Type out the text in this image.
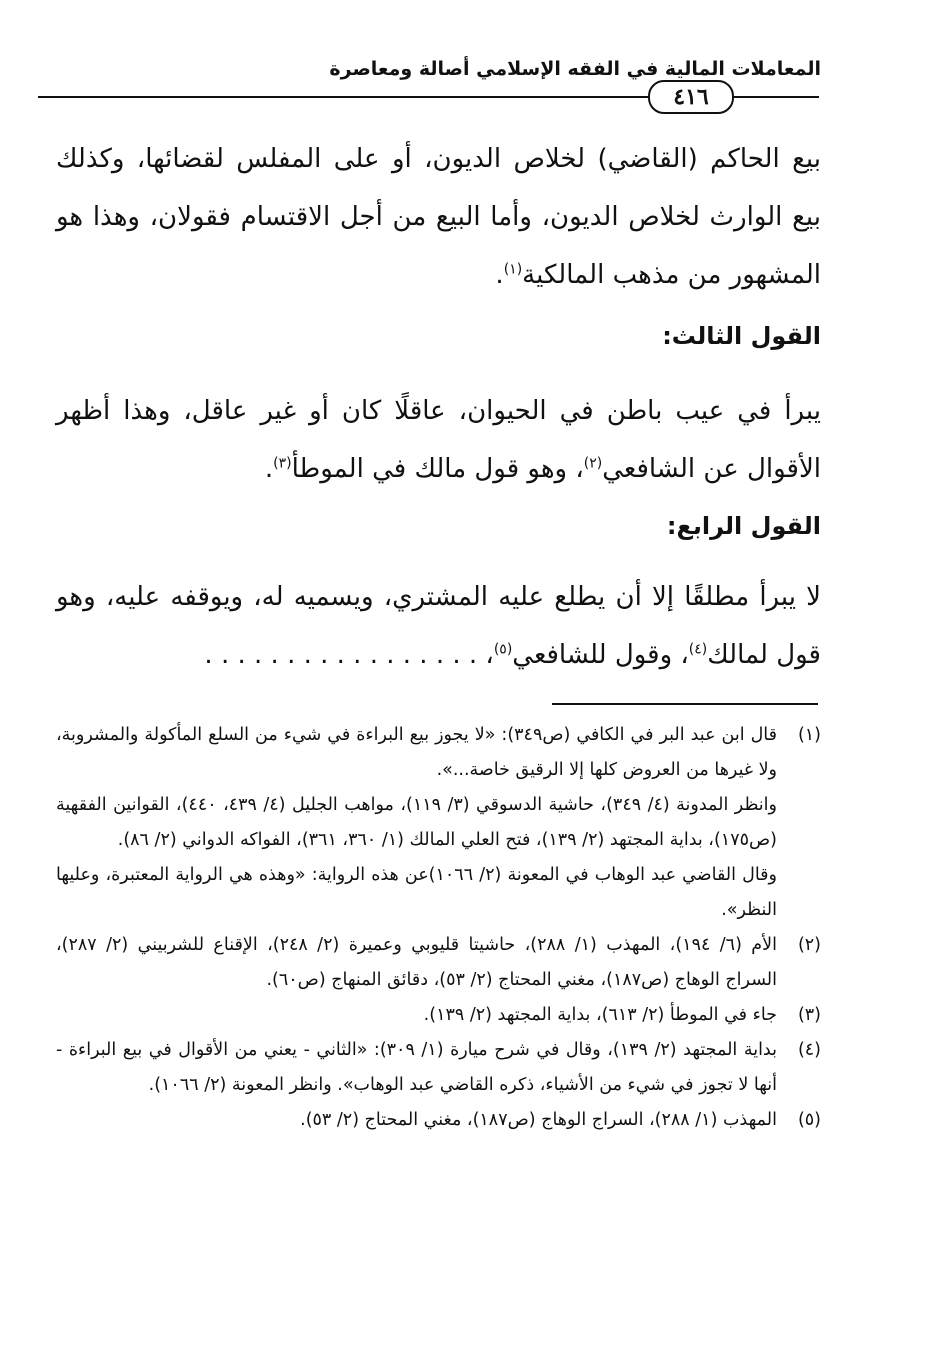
المعاملات المالية في الفقه الإسلامي أصالة ومعاصرة
٤١٦
بيع الحاكم (القاضي) لخلاص الديون، أو على المفلس لقضائها، وكذلك بيع الوارث لخلاص الديون، وأما البيع من أجل الاقتسام فقولان، وهذا هو المشهور من مذهب المالكية$^{(١)}$.
القول الثالث:
يبرأ في عيب باطن في الحيوان، عاقلًا كان أو غير عاقل، وهذا أظهر الأقوال عن الشافعي$^{(٢)}$، وهو قول مالك في الموطأ$^{(٣)}$.
القول الرابع:
لا يبرأ مطلقًا إلا أن يطلع عليه المشتري، ويسميه له، ويوقفه عليه، وهو قول لمالك$^{(٤)}$، وقول للشافعي$^{(٥)}$، . . . . . . . . . . . . . . . . .
(١)
قال ابن عبد البر في الكافي (ص٣٤٩): «لا يجوز بيع البراءة في شيء من السلع المأكولة والمشروبة، ولا غيرها من العروض كلها إلا الرقيق خاصة...».
وانظر المدونة (٤/ ٣٤٩)، حاشية الدسوقي (٣/ ١١٩)، مواهب الجليل (٤/ ٤٣٩، ٤٤٠)، القوانين الفقهية (ص١٧٥)، بداية المجتهد (٢/ ١٣٩)، فتح العلي المالك (١/ ٣٦٠، ٣٦١)، الفواكه الدواني (٢/ ٨٦).
وقال القاضي عبد الوهاب في المعونة (٢/ ١٠٦٦)عن هذه الرواية: «وهذه هي الرواية المعتبرة، وعليها النظر».
(٢)
الأم (٦/ ١٩٤)، المهذب (١/ ٢٨٨)، حاشيتا قليوبي وعميرة (٢/ ٢٤٨)، الإقناع للشربيني (٢/ ٢٨٧)، السراج الوهاج (ص١٨٧)، مغني المحتاج (٢/ ٥٣)، دقائق المنهاج (ص٦٠).
(٣)
جاء في الموطأ (٢/ ٦١٣)، بداية المجتهد (٢/ ١٣٩).
(٤)
بداية المجتهد (٢/ ١٣٩)، وقال في شرح ميارة (١/ ٣٠٩): «الثاني - يعني من الأقوال في بيع البراءة - أنها لا تجوز في شيء من الأشياء، ذكره القاضي عبد الوهاب». وانظر المعونة (٢/ ١٠٦٦).
(٥)
المهذب (١/ ٢٨٨)، السراج الوهاج (ص١٨٧)، مغني المحتاج (٢/ ٥٣).
